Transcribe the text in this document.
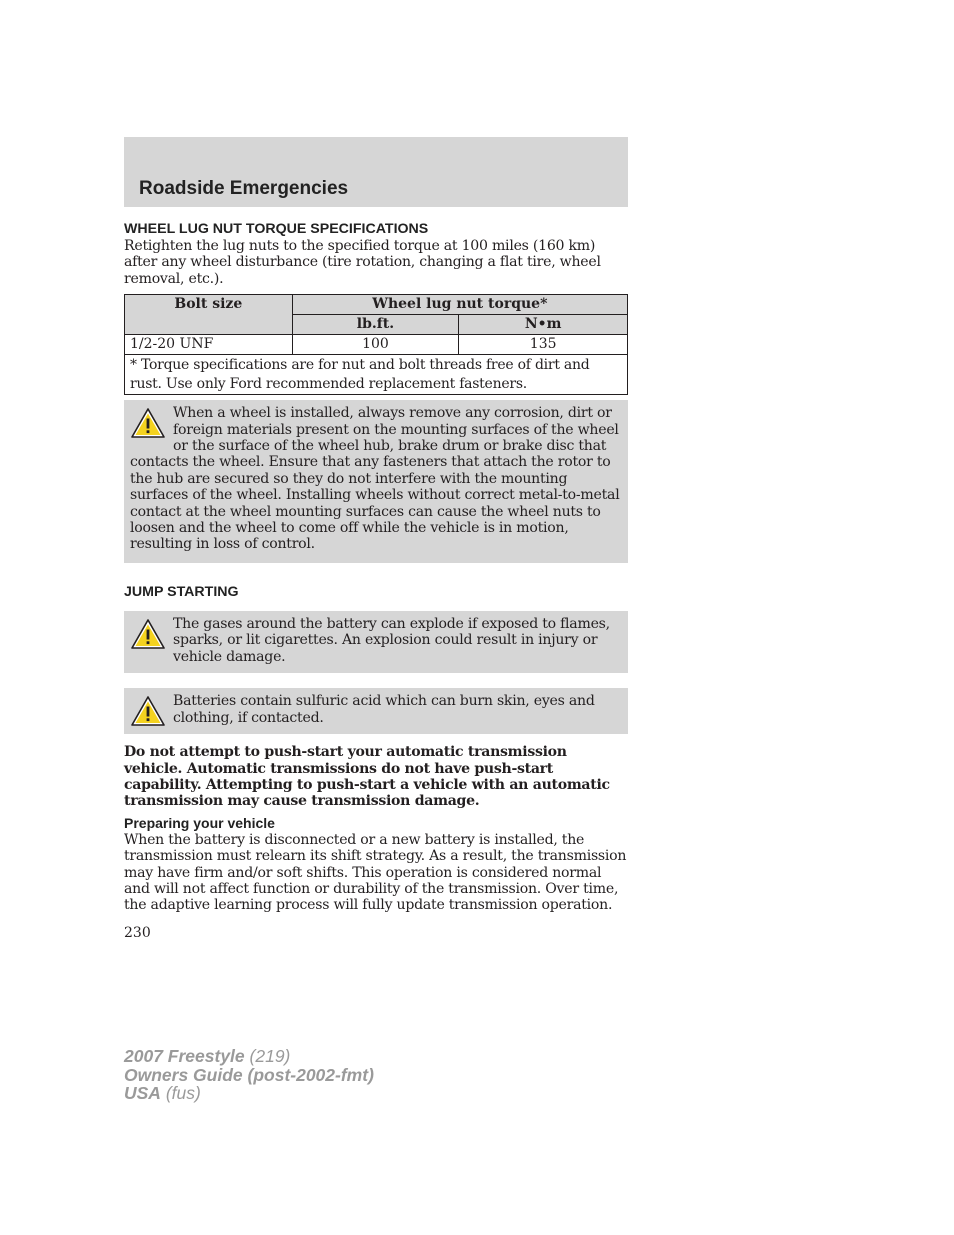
Roadside Emergencies
WHEEL LUG NUT TORQUE SPECIFICATIONS

Retighten the lug nuts to the specified torque at 100 miles (160 km) after any wheel disturbance (tire rotation, changing a flat tire, wheel removal, etc.).

Bolt size	Wheel lug nut torque*	
	lb.ft.	N•m
1/2-20 UNF	100	135
* Torque specifications are for nut and bolt threads free of dirt and rust. Use only Ford recommended replacement fasteners.		
When a wheel is installed, always remove any corrosion, dirt or foreign materials present on the mounting surfaces of the wheel or the surface of the wheel hub, brake drum or brake disc that contacts the wheel. Ensure that any fasteners that attach the rotor to the hub are secured so they do not interfere with the mounting surfaces of the wheel. Installing wheels without correct metal-to-metal contact at the wheel mounting surfaces can cause the wheel nuts to loosen and the wheel to come off while the vehicle is in motion, resulting in loss of control.
JUMP STARTING
The gases around the battery can explode if exposed to flames, sparks, or lit cigarettes. An explosion could result in injury or vehicle damage.
Batteries contain sulfuric acid which can burn skin, eyes and clothing, if contacted.

Do not attempt to push-start your automatic transmission vehicle. Automatic transmissions do not have push-start capability. Attempting to push-start a vehicle with an automatic transmission may cause transmission damage.

Preparing your vehicle

When the battery is disconnected or a new battery is installed, the transmission must relearn its shift strategy. As a result, the transmission may have firm and/or soft shifts. This operation is considered normal and will not affect function or durability of the transmission. Over time, the adaptive learning process will fully update transmission operation.

230
2007 Freestyle (219)
Owners Guide (post-2002-fmt)
USA (fus)
